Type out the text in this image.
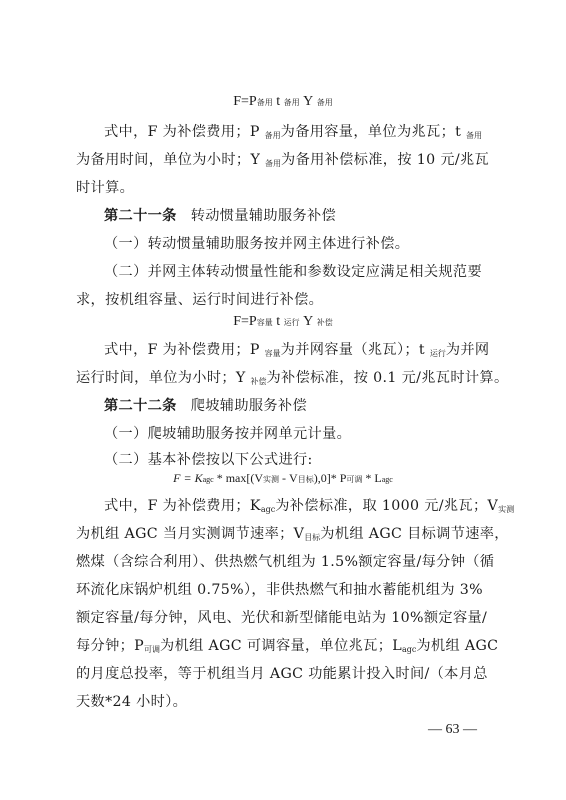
F=P备用 t 备用 Y 备用
式中，F 为补偿费用；P $_{备用}$为备用容量，单位为兆瓦；t $_{备用}$
为备用时间，单位为小时；Y $_{备用}$为备用补偿标准，按 10 元/兆瓦
时计算。
第二十一条 转动惯量辅助服务补偿
（一）转动惯量辅助服务按并网主体进行补偿。
（二）并网主体转动惯量性能和参数设定应满足相关规范要
求，按机组容量、运行时间进行补偿。
F=P容量 t 运行 Y 补偿
式中，F 为补偿费用；P $_{容量}$为并网容量（兆瓦）；t $_{运行}$为并网
运行时间，单位为小时；Y $_{补偿}$为补偿标准，按 0.1 元/兆瓦时计算。
第二十二条 爬坡辅助服务补偿
（一）爬坡辅助服务按并网单元计量。
（二）基本补偿按以下公式进行:
F = Kagc * max[(V实测 - V目标),0]* P可调 * Lagc
式中，F 为补偿费用；$K_{agc}$为补偿标准，取 1000 元/兆瓦；$V_{实测}$
为机组 AGC 当月实测调节速率；$V_{目标}$为机组 AGC 目标调节速率，
燃煤（含综合利用）、供热燃气机组为 1.5%额定容量/每分钟（循
环流化床锅炉机组 0.75%），非供热燃气和抽水蓄能机组为 3%
额定容量/每分钟，风电、光伏和新型储能电站为 10%额定容量/
每分钟；$P_{可调}$为机组 AGC 可调容量，单位兆瓦；$L_{agc}$为机组 AGC
的月度总投率，等于机组当月 AGC 功能累计投入时间/（本月总
天数*24 小时）。
— 63 —
